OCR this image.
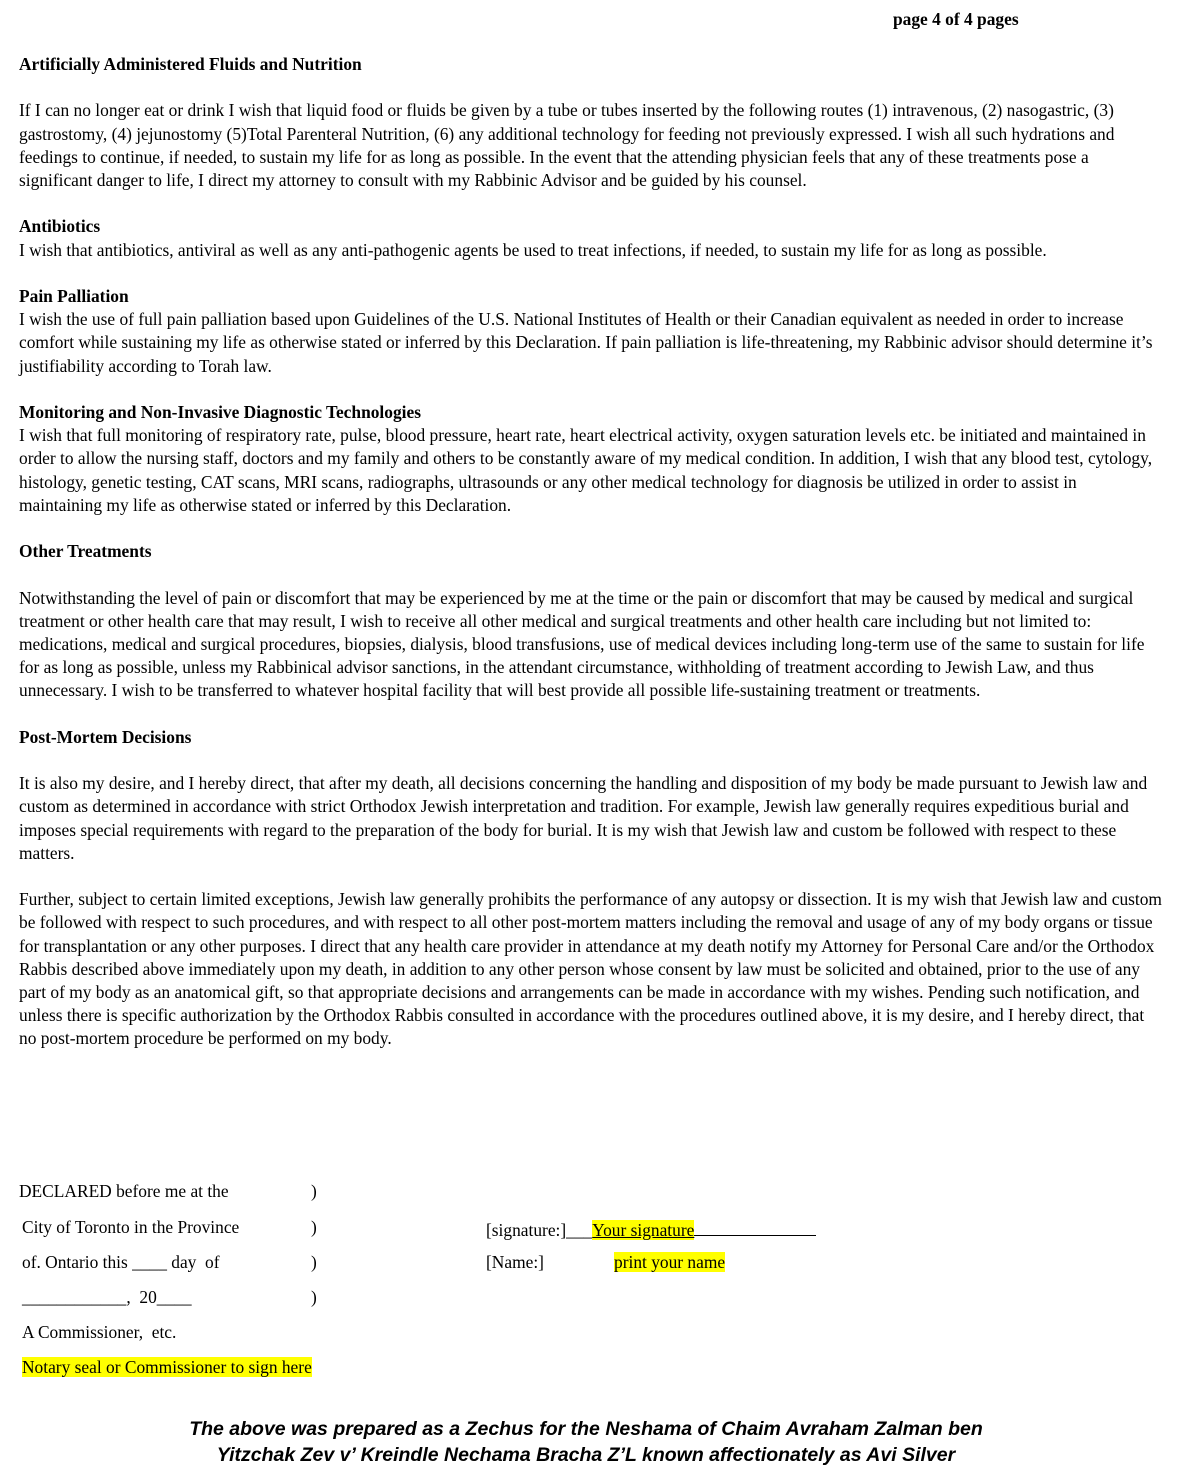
page 4 of 4 pages
Artificially Administered Fluids and Nutrition

If I can no longer eat or drink I wish that liquid food or fluids be given by a tube or tubes inserted by the following routes (1) intravenous, (2) nasogastric, (3) gastrostomy, (4) jejunostomy (5)Total Parenteral Nutrition, (6) any additional technology for feeding not previously expressed. I wish all such hydrations and feedings to continue, if needed, to sustain my life for as long as possible. In the event that the attending physician feels that any of these treatments pose a significant danger to life, I direct my attorney to consult with my Rabbinic Advisor and be guided by his counsel.

Antibiotics

I wish that antibiotics, antiviral as well as any anti-pathogenic agents be used to treat infections, if needed, to sustain my life for as long as possible.

Pain Palliation

I wish the use of full pain palliation based upon Guidelines of the U.S. National Institutes of Health or their Canadian equivalent as needed in order to increase comfort while sustaining my life as otherwise stated or inferred by this Declaration. If pain palliation is life-threatening, my Rabbinic advisor should determine it’s justifiability according to Torah law.

Monitoring and Non-Invasive Diagnostic Technologies

I wish that full monitoring of respiratory rate, pulse, blood pressure, heart rate, heart electrical activity, oxygen saturation levels etc. be initiated and maintained in order to allow the nursing staff, doctors and my family and others to be constantly aware of my medical condition. In addition, I wish that any blood test, cytology, histology, genetic testing, CAT scans, MRI scans, radiographs, ultrasounds or any other medical technology for diagnosis be utilized in order to assist in maintaining my life as otherwise stated or inferred by this Declaration.

Other Treatments

Notwithstanding the level of pain or discomfort that may be experienced by me at the time or the pain or discomfort that may be caused by medical and surgical treatment or other health care that may result, I wish to receive all other medical and surgical treatments and other health care including but not limited to: medications, medical and surgical procedures, biopsies, dialysis, blood transfusions, use of medical devices including long-term use of the same to sustain for life for as long as possible, unless my Rabbinical advisor sanctions, in the attendant circumstance, withholding of treatment according to Jewish Law, and thus unnecessary. I wish to be transferred to whatever hospital facility that will best provide all possible life-sustaining treatment or treatments.

Post-Mortem Decisions

It is also my desire, and I hereby direct, that after my death, all decisions concerning the handling and disposition of my body be made pursuant to Jewish law and custom as determined in accordance with strict Orthodox Jewish interpretation and tradition. For example, Jewish law generally requires expeditious burial and imposes special requirements with regard to the preparation of the body for burial. It is my wish that Jewish law and custom be followed with respect to these matters.

Further, subject to certain limited exceptions, Jewish law generally prohibits the performance of any autopsy or dissection. It is my wish that Jewish law and custom be followed with respect to such procedures, and with respect to all other post-mortem matters including the removal and usage of any of my body organs or tissue for transplantation or any other purposes. I direct that any health care provider in attendance at my death notify my Attorney for Personal Care and/or the Orthodox Rabbis described above immediately upon my death, in addition to any other person whose consent by law must be solicited and obtained, prior to the use of any part of my body as an anatomical gift, so that appropriate decisions and arrangements can be made in accordance with my wishes. Pending such notification, and unless there is specific authorization by the Orthodox Rabbis consulted in accordance with the procedures outlined above, it is my desire, and I hereby direct, that no post-mortem procedure be performed on my body.

DECLARED before me at the
City of Toronto in the Province
of. Ontario this ____ day  of
____________,  20____
)
)
)
)
A Commissioner,  etc.
Notary seal or Commissioner to sign here
[signature:]___Your signature
[Name:]	print your name
The above was prepared as a Zechus for the Neshama of Chaim Avraham Zalman ben
Yitzchak Zev v’ Kreindle Nechama Bracha Z’L known affectionately as Avi Silver
